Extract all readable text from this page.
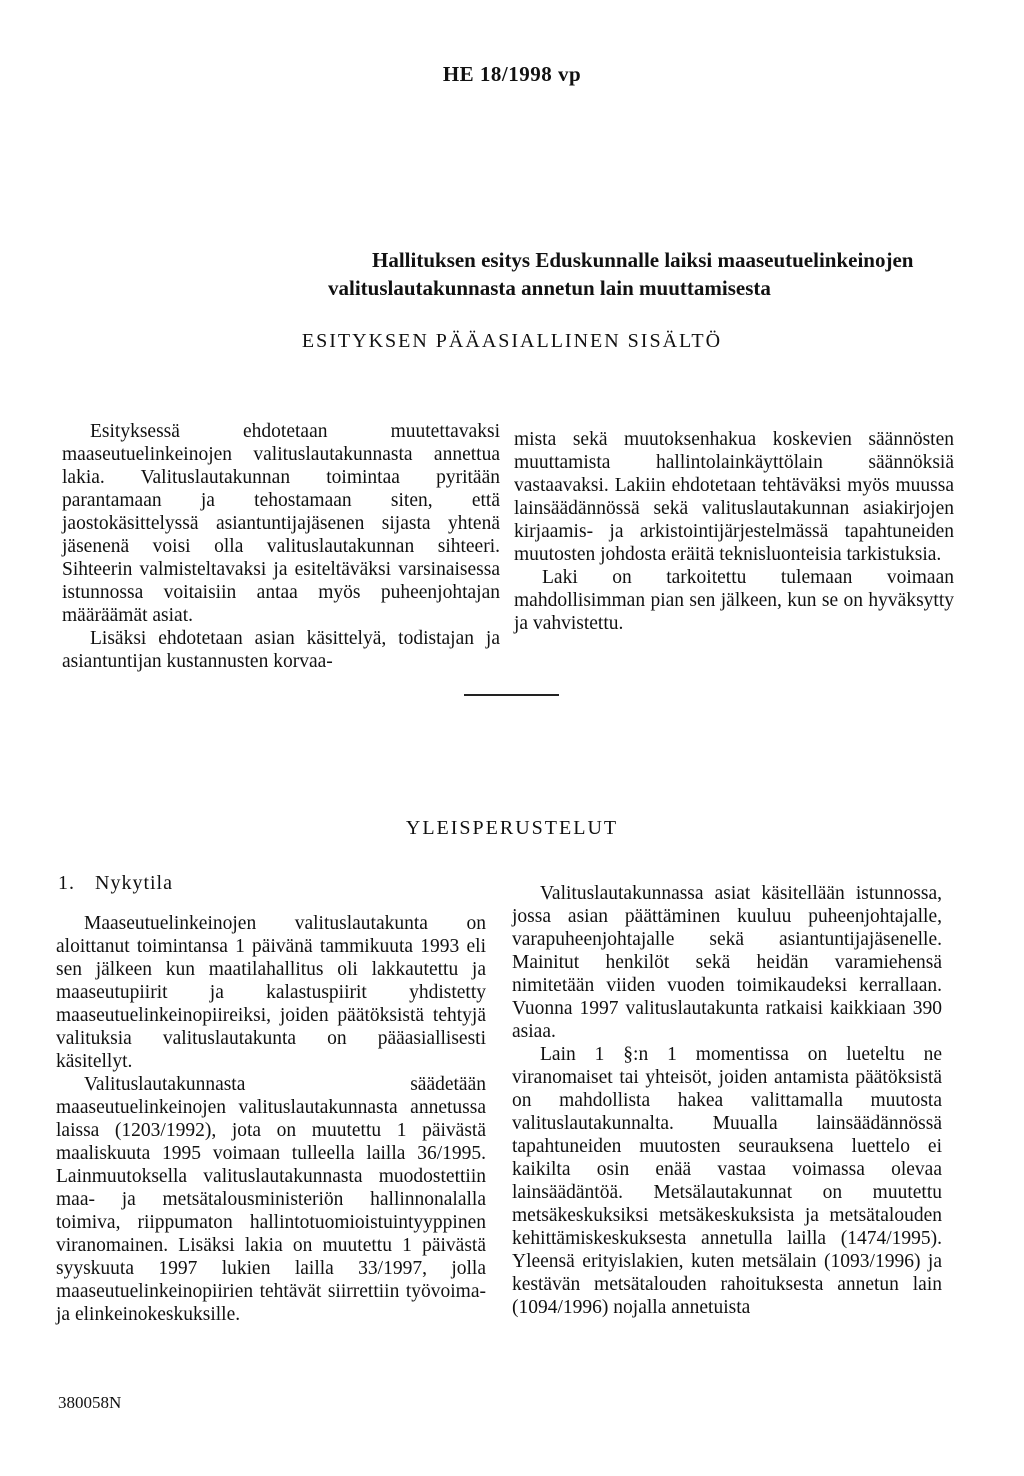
HE 18/1998 vp
Hallituksen esitys Eduskunnalle laiksi maaseutuelinkeinojen
valituslautakunnasta annetun lain muuttamisesta
ESITYKSEN PÄÄASIALLINEN SISÄLTÖ

Esityksessä ehdotetaan muutettavaksi maaseutuelinkeinojen valituslautakunnasta annettua lakia. Valituslautakunnan toimintaa pyritään parantamaan ja tehostamaan siten, että jaostokäsittelyssä asiantuntijajäsenen sijasta yhtenä jäsenenä voisi olla valituslautakunnan sihteeri. Sihteerin valmisteltavaksi ja esiteltäväksi varsinaisessa istunnossa voitaisiin antaa myös puheenjohtajan määräämät asiat.

Lisäksi ehdotetaan asian käsittelyä, todistajan ja asiantuntijan kustannusten korvaa-

mista sekä muutoksenhakua koskevien säännösten muuttamista hallintolainkäyttölain säännöksiä vastaavaksi. Lakiin ehdotetaan tehtäväksi myös muussa lainsäädännössä sekä valituslautakunnan asiakirjojen kirjaamis- ja arkistointijärjestelmässä tapahtuneiden muutosten johdosta eräitä teknisluonteisia tarkistuksia.

Laki on tarkoitettu tulemaan voimaan mahdollisimman pian sen jälkeen, kun se on hyväksytty ja vahvistettu.

YLEISPERUSTELUT
1. Nykytila

Maaseutuelinkeinojen valituslautakunta on aloittanut toimintansa 1 päivänä tammikuuta 1993 eli sen jälkeen kun maatilahallitus oli lakkautettu ja maaseutupiirit ja kalastuspiirit yhdistetty maaseutuelinkeinopiireiksi, joiden päätöksistä tehtyjä valituksia valituslautakunta on pääasiallisesti käsitellyt.

Valituslautakunnasta säädetään maaseutuelinkeinojen valituslautakunnasta annetussa laissa (1203/1992), jota on muutettu 1 päivästä maaliskuuta 1995 voimaan tulleella lailla 36/1995. Lainmuutoksella valituslautakunnasta muodostettiin maa- ja metsätalousministeriön hallinnonalalla toimiva, riippumaton hallintotuomioistuintyyppinen viranomainen. Lisäksi lakia on muutettu 1 päivästä syyskuuta 1997 lukien lailla 33/1997, jolla maaseutuelinkeinopiirien tehtävät siirrettiin työvoima- ja elinkeinokeskuksille.

Valituslautakunnassa asiat käsitellään istunnossa, jossa asian päättäminen kuuluu puheenjohtajalle, varapuheenjohtajalle sekä asiantuntijajäsenelle. Mainitut henkilöt sekä heidän varamiehensä nimitetään viiden vuoden toimikaudeksi kerrallaan. Vuonna 1997 valituslautakunta ratkaisi kaikkiaan 390 asiaa.

Lain 1 §:n 1 momentissa on lueteltu ne viranomaiset tai yhteisöt, joiden antamista päätöksistä on mahdollista hakea valittamalla muutosta valituslautakunnalta. Muualla lainsäädännössä tapahtuneiden muutosten seurauksena luettelo ei kaikilta osin enää vastaa voimassa olevaa lainsäädäntöä. Metsälautakunnat on muutettu metsäkeskuksiksi metsäkeskuksista ja metsätalouden kehittämiskeskuksesta annetulla lailla (1474/1995). Yleensä erityislakien, kuten metsälain (1093/1996) ja kestävän metsätalouden rahoituksesta annetun lain (1094/1996) nojalla annetuista

380058N
